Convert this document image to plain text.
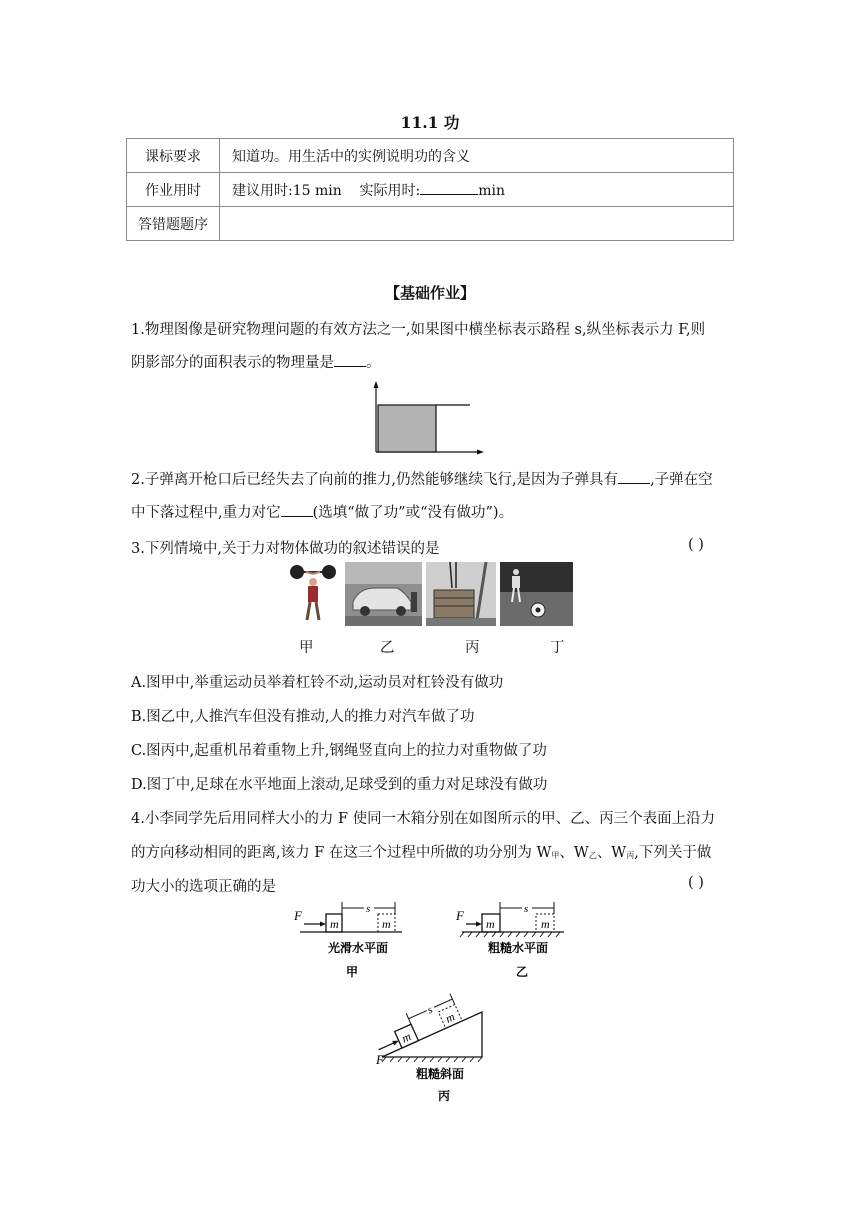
11.1 功
课标要求	知道功。用生活中的实例说明功的含义
作业用时	建议用时:15 min    实际用时: min
答错题题序	
【基础作业】
1.物理图像是研究物理问题的有效方法之一,如果图中横坐标表示路程 s,纵坐标表示力 F,则
阴影部分的面积表示的物理量是 。
2.子弹离开枪口后已经失去了向前的推力,仍然能够继续飞行,是因为子弹具有 ,子弹在空
中下落过程中,重力对它 (选填“做了功”或“没有做功”)。
3.下列情境中,关于力对物体做功的叙述错误的是	( )
甲	乙	丙	丁
A.图甲中,举重运动员举着杠铃不动,运动员对杠铃没有做功
B.图乙中,人推汽车但没有推动,人的推力对汽车做了功
C.图丙中,起重机吊着重物上升,钢绳竖直向上的拉力对重物做了功
D.图丁中,足球在水平地面上滚动,足球受到的重力对足球没有做功
4.小李同学先后用同样大小的力 F 使同一木箱分别在如图所示的甲、乙、丙三个表面上沿力
的方向移动相同的距离,该力 F 在这三个过程中所做的功分别为 $W_甲$、$W_乙$、$W_丙$,下列关于做
功大小的选项正确的是	( )
F
m	m
s
光滑水平面
甲
F
m	m
s
粗糙水平面
乙
m
m
s
F
粗糙斜面
丙
